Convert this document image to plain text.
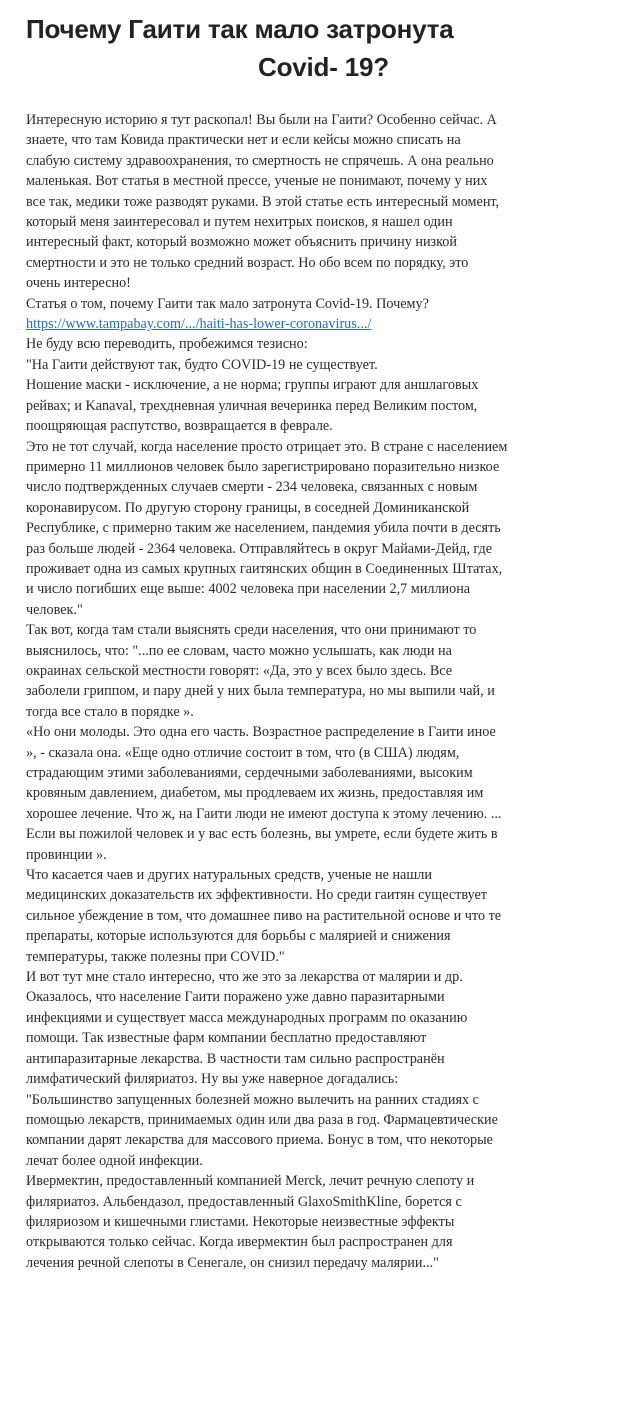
Почему Гаити так мало затронута
Covid- 19?
Интересную историю я тут раскопал! Вы были на Гаити? Особенно сейчас. А
знаете, что там Ковида практически нет и если кейсы можно списать на
слабую систему здравоохранения, то смертность не спрячешь. А она реально
маленькая. Вот статья в местной прессе, ученые не понимают, почему у них
все так, медики тоже разводят руками. В этой статье есть интересный момент,
который меня заинтересовал и путем нехитрых поисков, я нашел один
интересный факт, который возможно может объяснить причину низкой
смертности и это не только средний возраст. Но обо всем по порядку, это
очень интересно!
Статья о том, почему Гаити так мало затронута Covid-19. Почему?
https://www.tampabay.com/.../haiti-has-lower-coronavirus.../
Не буду всю переводить, пробежимся тезисно:
"На Гаити действуют так, будто COVID-19 не существует.
Ношение маски - исключение, а не норма; группы играют для аншлаговых
рейвах; и Kanaval, трехдневная уличная вечеринка перед Великим постом,
поощряющая распутство, возвращается в феврале.
Это не тот случай, когда население просто отрицает это. В стране с населением
примерно 11 миллионов человек было зарегистрировано поразительно низкое
число подтвержденных случаев смерти - 234 человека, связанных с новым
коронавирусом. По другую сторону границы, в соседней Доминиканской
Республике, с примерно таким же населением, пандемия убила почти в десять
раз больше людей - 2364 человека. Отправляйтесь в округ Майами-Дейд, где
проживает одна из самых крупных гаитянских общин в Соединенных Штатах,
и число погибших еще выше: 4002 человека при населении 2,7 миллиона
человек."
Так вот, когда там стали выяснять среди населения, что они принимают то
выяснилось, что: "...по ее словам, часто можно услышать, как люди на
окраинах сельской местности говорят: «Да, это у всех было здесь. Все
заболели гриппом, и пару дней у них была температура, но мы выпили чай, и
тогда все стало в порядке ».
«Но они молоды. Это одна его часть. Возрастное распределение в Гаити иное
», - сказала она. «Еще одно отличие состоит в том, что (в США) людям,
страдающим этими заболеваниями, сердечными заболеваниями, высоким
кровяным давлением, диабетом, мы продлеваем их жизнь, предоставляя им
хорошее лечение. Что ж, на Гаити люди не имеют доступа к этому лечению. ...
Если вы пожилой человек и у вас есть болезнь, вы умрете, если будете жить в
провинции ».
Что касается чаев и других натуральных средств, ученые не нашли
медицинских доказательств их эффективности. Но среди гаитян существует
сильное убеждение в том, что домашнее пиво на растительной основе и что те
препараты, которые используются для борьбы с малярией и снижения
температуры, также полезны при COVID."
И вот тут мне стало интересно, что же это за лекарства от малярии и др.
Оказалось, что население Гаити поражено уже давно паразитарными
инфекциями и существует масса международных программ по оказанию
помощи. Так известные фарм компании бесплатно предоставляют
антипаразитарные лекарства. В частности там сильно распространён
лимфатический филяриатоз. Ну вы уже наверное догадались:
"Большинство запущенных болезней можно вылечить на ранних стадиях с
помощью лекарств, принимаемых один или два раза в год. Фармацевтические
компании дарят лекарства для массового приема. Бонус в том, что некоторые
лечат более одной инфекции.
Ивермектин, предоставленный компанией Merck, лечит речную слепоту и
филяриатоз. Альбендазол, предоставленный GlaxoSmithKline, борется с
филяриозом и кишечными глистами. Некоторые неизвестные эффекты
открываются только сейчас. Когда ивермектин был распространен для
лечения речной слепоты в Сенегале, он снизил передачу малярии..."
